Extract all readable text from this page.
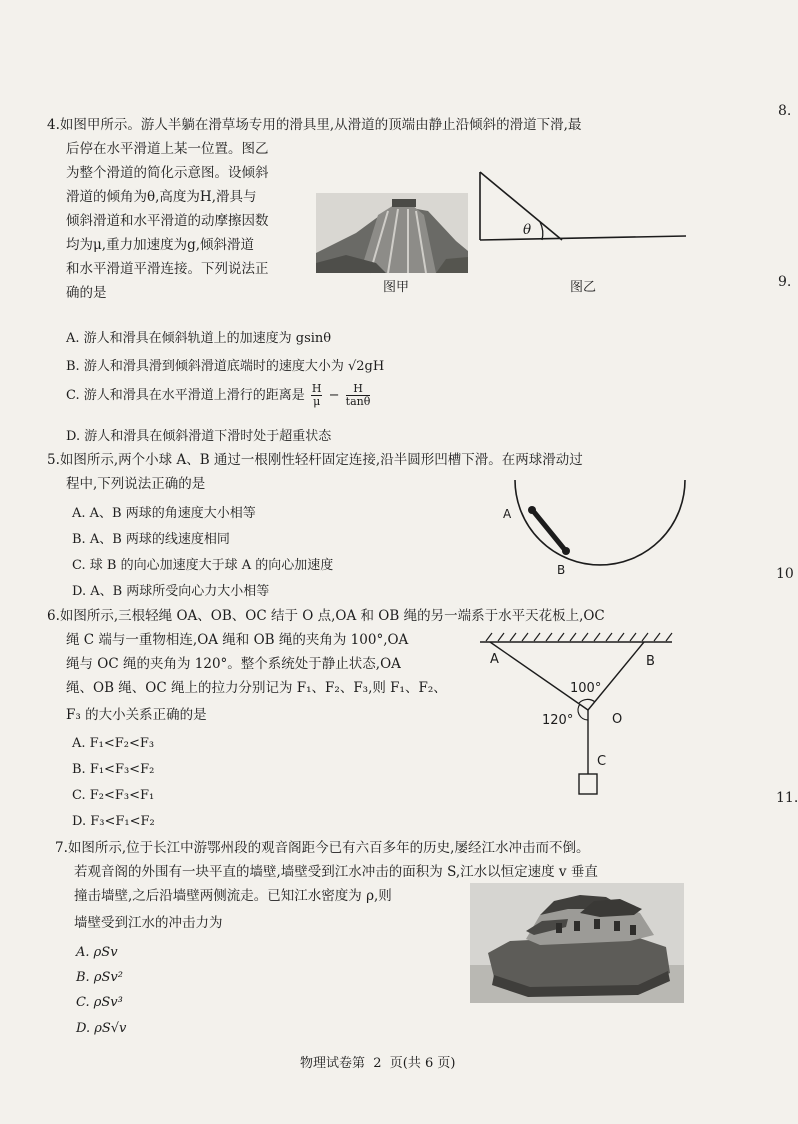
8.
9.
10
11.
4.如图甲所示。游人半躺在滑草场专用的滑具里,从滑道的顶端由静止沿倾斜的滑道下滑,最
后停在水平滑道上某一位置。图乙
为整个滑道的简化示意图。设倾斜
滑道的倾角为θ,高度为H,滑具与
倾斜滑道和水平滑道的动摩擦因数
均为μ,重力加速度为g,倾斜滑道
和水平滑道平滑连接。下列说法正
确的是	图甲
θ
图乙
A. 游人和滑具在倾斜轨道上的加速度为 gsinθ
B. 游人和滑具滑到倾斜滑道底端时的速度大小为 √2gH
C. 游人和滑具在水平滑道上滑行的距离是 $\frac{H}{\mu} - \frac{H}{\tan\theta}$
D. 游人和滑具在倾斜滑道下滑时处于超重状态
5.如图所示,两个小球 A、B 通过一根刚性轻杆固定连接,沿半圆形凹槽下滑。在两球滑动过
程中,下列说法正确的是
A. A、B 两球的角速度大小相等
B. A、B 两球的线速度相同
C. 球 B 的向心加速度大于球 A 的向心加速度
D. A、B 两球所受向心力大小相等
A
B
6.如图所示,三根轻绳 OA、OB、OC 结于 O 点,OA 和 OB 绳的另一端系于水平天花板上,OC
绳 C 端与一重物相连,OA 绳和 OB 绳的夹角为 100°,OA
绳与 OC 绳的夹角为 120°。整个系统处于静止状态,OA
绳、OB 绳、OC 绳上的拉力分别记为 F₁、F₂、F₃,则 F₁、F₂、
F₃ 的大小关系正确的是
A. F₁<F₂<F₃
B. F₁<F₃<F₂
C. F₂<F₃<F₁
D. F₃<F₁<F₂
A	B
100°
120°	O
C
7.如图所示,位于长江中游鄂州段的观音阁距今已有六百多年的历史,屡经江水冲击而不倒。
若观音阁的外围有一块平直的墙壁,墙壁受到江水冲击的面积为 S,江水以恒定速度 v 垂直
撞击墙壁,之后沿墙壁两侧流走。已知江水密度为 ρ,则
墙壁受到江水的冲击力为
A. ρSv
B. ρSv²
C. ρSv³
D. ρS√v
物理试卷第  2  页(共 6 页)
